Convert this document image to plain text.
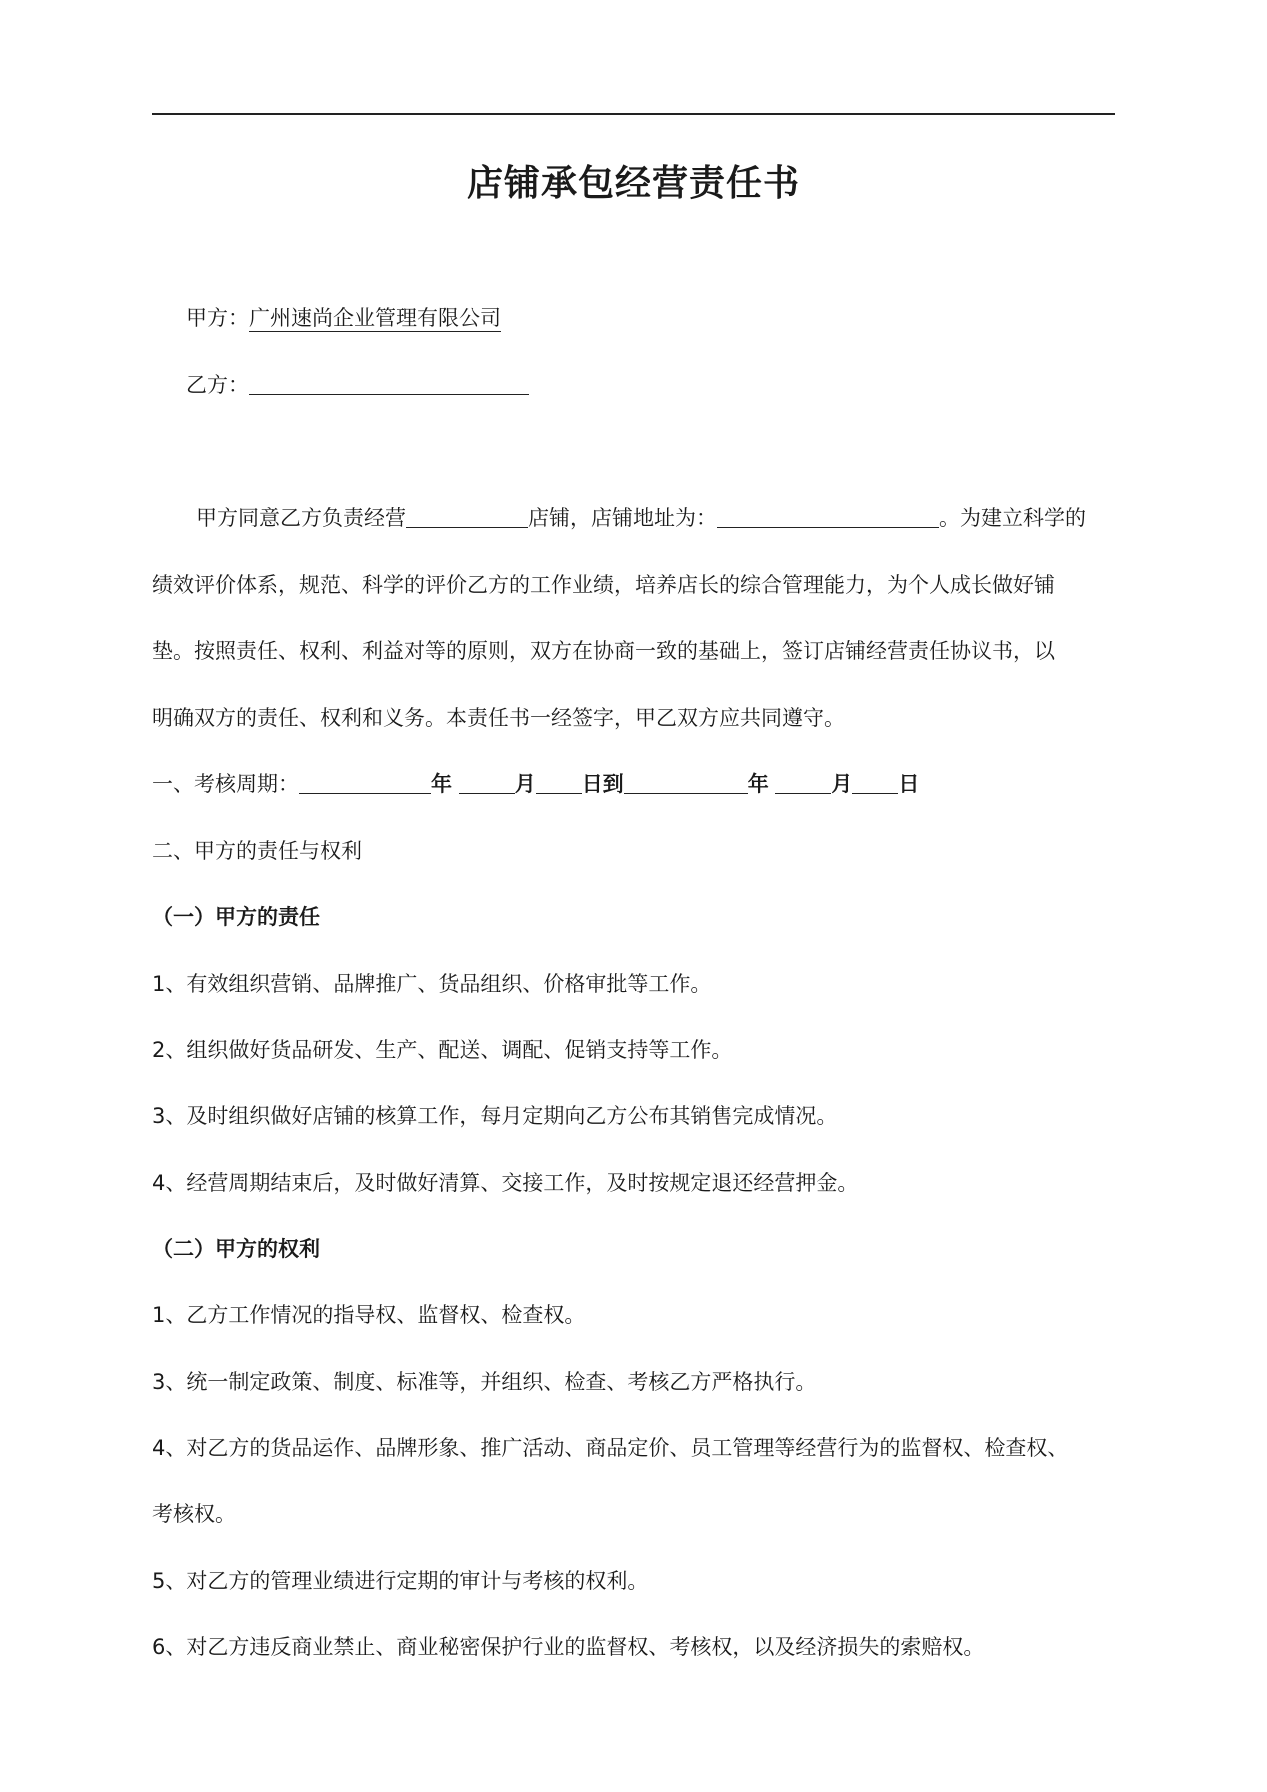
店铺承包经营责任书
甲方：广州速尚企业管理有限公司
乙方：
甲方同意乙方负责经营	店铺，店铺地址为：	。为建立科学的
绩效评价体系，规范、科学的评价乙方的工作业绩，培养店长的综合管理能力，为个人成长做好铺
垫。按照责任、权利、利益对等的原则，双方在协商一致的基础上，签订店铺经营责任协议书，以
明确双方的责任、权利和义务。本责任书一经签字，甲乙双方应共同遵守。
一、考核周期：	年	月 日到	年	月 日
二、甲方的责任与权利
（一）甲方的责任
1、有效组织营销、品牌推广、货品组织、价格审批等工作。
2、组织做好货品研发、生产、配送、调配、促销支持等工作。
3、及时组织做好店铺的核算工作，每月定期向乙方公布其销售完成情况。
4、经营周期结束后，及时做好清算、交接工作，及时按规定退还经营押金。
（二）甲方的权利
1、乙方工作情况的指导权、监督权、检查权。
3、统一制定政策、制度、标准等，并组织、检查、考核乙方严格执行。
4、对乙方的货品运作、品牌形象、推广活动、商品定价、员工管理等经营行为的监督权、检查权、
考核权。
5、对乙方的管理业绩进行定期的审计与考核的权利。
6、对乙方违反商业禁止、商业秘密保护行业的监督权、考核权，以及经济损失的索赔权。
